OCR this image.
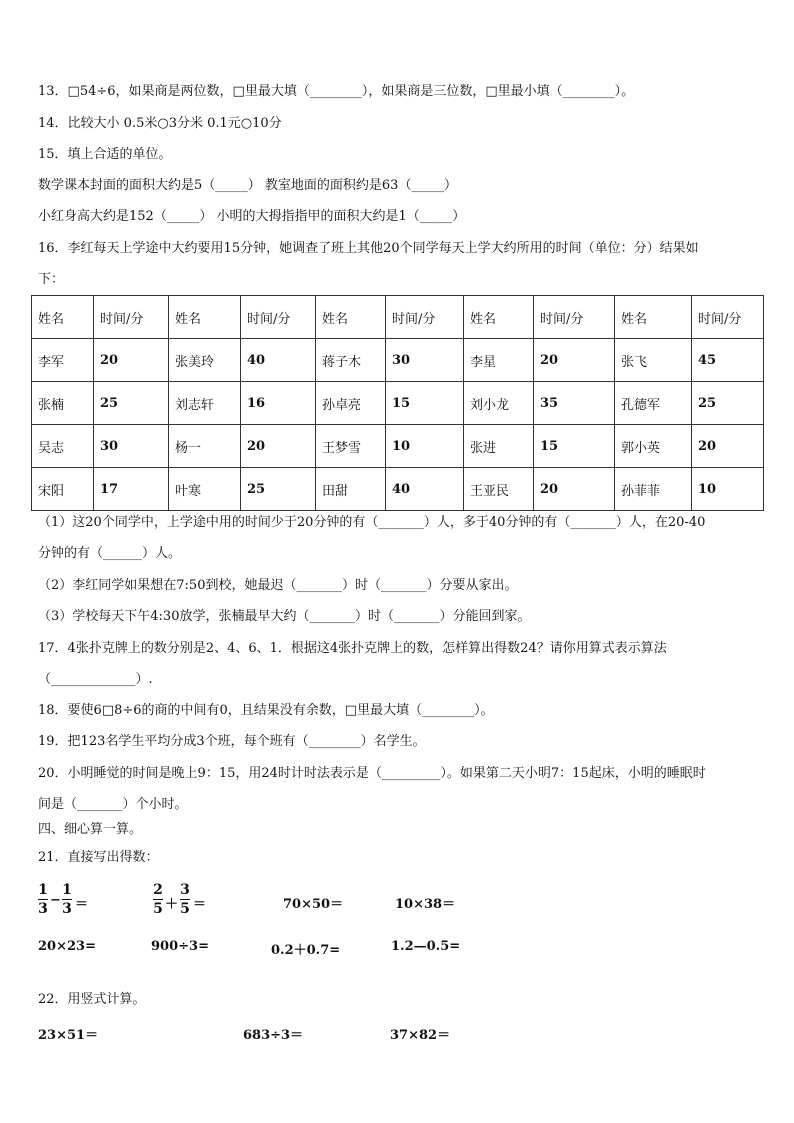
13．□54÷6，如果商是两位数，□里最大填（________），如果商是三位数，□里最小填（________）。
14．比较大小 0.5米○3分米 0.1元○10分
15．填上合适的单位。
数学课本封面的面积大约是5（_____） 教室地面的面积约是63（_____）
小红身高大约是152（_____） 小明的大拇指指甲的面积大约是1（_____）
16．李红每天上学途中大约要用15分钟，她调查了班上其他20个同学每天上学大约所用的时间（单位：分）结果如
下：
姓名	时间/分	姓名	时间/分	姓名	时间/分	姓名	时间/分	姓名	时间/分
李军	20	张美玲	40	蒋子木	30	李星	20	张飞	45
张楠	25	刘志轩	16	孙卓亮	15	刘小龙	35	孔德军	25
吴志	30	杨一	20	王梦雪	10	张进	15	郭小英	20
宋阳	17	叶寒	25	田甜	40	王亚民	20	孙菲菲	10
（1）这20个同学中，上学途中用的时间少于20分钟的有（_______）人，多于40分钟的有（_______）人，在20-40
分钟的有（______）人。
（2）李红同学如果想在7:50到校，她最迟（_______）时（_______）分要从家出。
（3）学校每天下午4:30放学，张楠最早大约（_______）时（_______）分能回到家。
17．4张扑克牌上的数分别是2、4、6、1．根据这4张扑克牌上的数，怎样算出得数24？请你用算式表示算法
（_____________）.
18．要使6□8÷6的商的中间有0，且结果没有余数，□里最大填（________）。
19．把123名学生平均分成3个班，每个班有（________）名学生。
20．小明睡觉的时间是晚上9：15，用24时计时法表示是（_________）。如果第二天小明7：15起床，小明的睡眠时
间是（_______）个小时。
四、细心算一算。
21．直接写出得数：
1
3
−
1
3 ＝
2
5 ＋
3
5 ＝	70×50＝	10×38＝
20×23=	900÷3=	0.2＋0.7=	1.2—0.5=
22．用竖式计算。
23×51＝	683÷3＝	37×82＝
